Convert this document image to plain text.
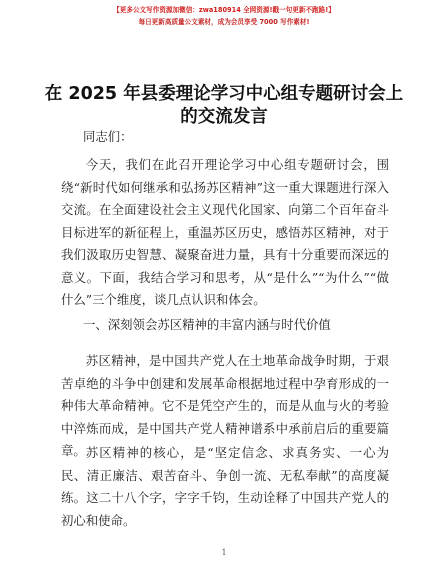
【更多公文写作资源加微信：zwa180914 全网资源!戳一句更新不跑路!】
每日更新高质量公文素材，成为会员享受 7000 写作素材!
在 2025 年县委理论学习中心组专题研讨会上的交流发言
同志们：

今天，我们在此召开理论学习中心组专题研讨会，围绕“新时代如何继承和弘扬苏区精神”这一重大课题进行深入交流。在全面建设社会主义现代化国家、向第二个百年奋斗目标进军的新征程上，重温苏区历史，感悟苏区精神，对于我们汲取历史智慧、凝聚奋进力量，具有十分重要而深远的意义。下面，我结合学习和思考，从“是什么”“为什么”“做什么”三个维度，谈几点认识和体会。

一、深刻领会苏区精神的丰富内涵与时代价值

苏区精神，是中国共产党人在土地革命战争时期，于艰苦卓绝的斗争中创建和发展革命根据地过程中孕育形成的一种伟大革命精神。它不是凭空产生的，而是从血与火的考验中淬炼而成，是中国共产党人精神谱系中承前启后的重要篇章。 苏区精神的核心，是“坚定信念、求真务实、一心为民、清正廉洁、艰苦奋斗、争创一流、无私奉献”的高度凝练。这二十八个字，字字千钧，生动诠释了中国共产党人的初心和使命。

1
